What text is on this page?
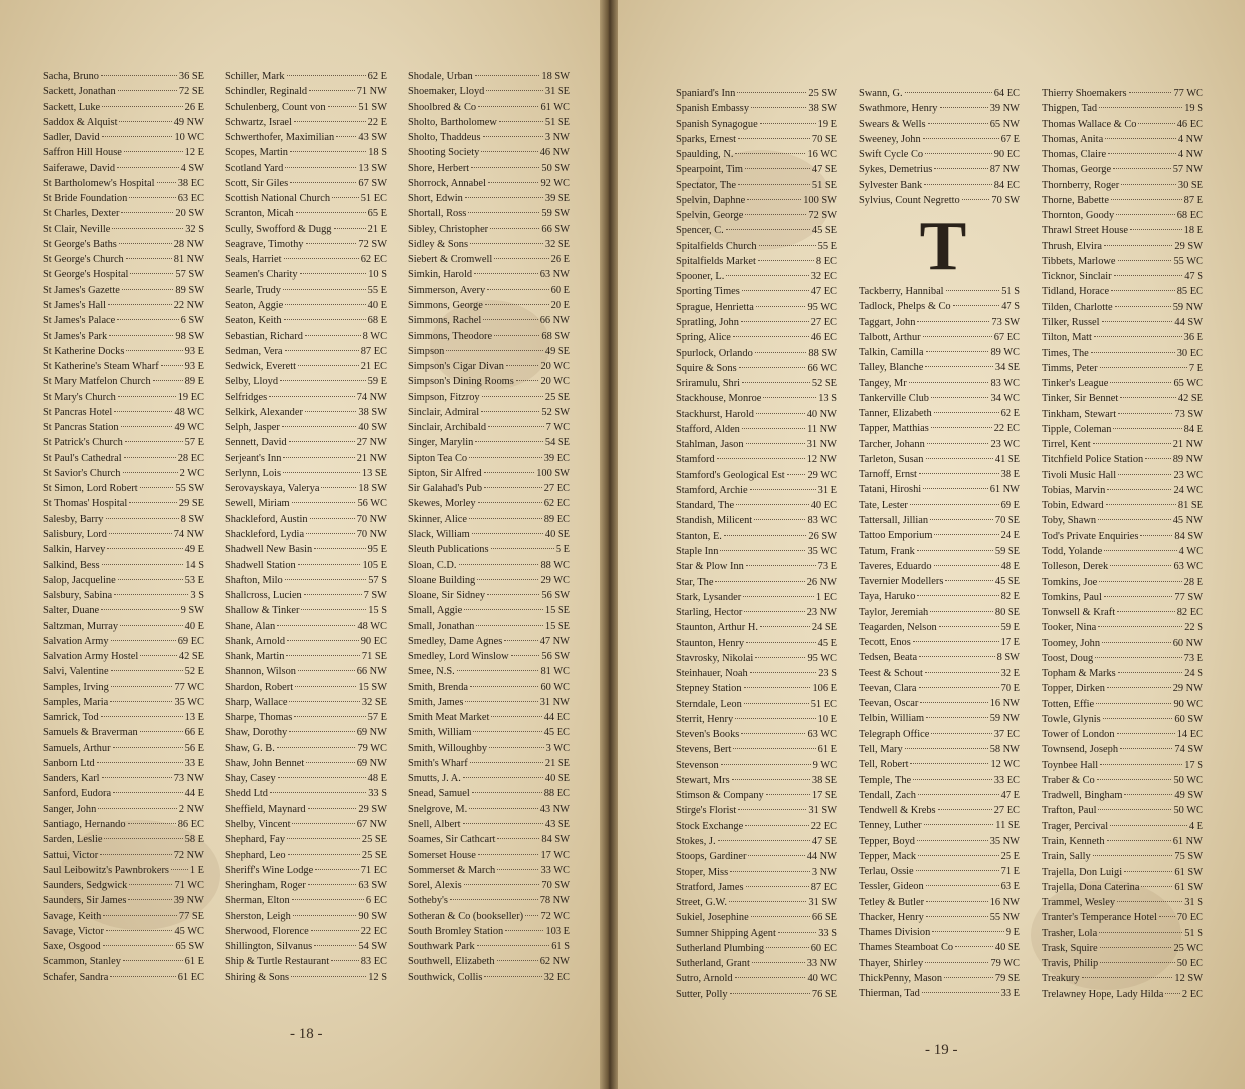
Sacha, Bruno	36 SE
Sackett, Jonathan	72 SE
Sackett, Luke	26 E
Saddox & Alquist	49 NW
Sadler, David	10 WC
Saffron Hill House	12 E
Saiferawe, David	4 SW
St Bartholomew's Hospital 38 EC
St Bride Foundation	63 EC
St Charles, Dexter	20 SW
St Clair, Neville	32 S
St George's Baths	28 NW
St George's Church	81 NW
St George's Hospital	57 SW
St James's Gazette	89 SW
St James's Hall	22 NW
St James's Palace	6 SW
St James's Park	98 SW
St Katherine Docks	93 E
St Katherine's Steam Wharf 93 E
St Mary Matfelon Church	89 E
St Mary's Church	19 EC
St Pancras Hotel	48 WC
St Pancras Station	49 WC
St Patrick's Church	57 E
St Paul's Cathedral	28 EC
St Savior's Church	2 WC
St Simon, Lord Robert	55 SW
St Thomas' Hospital	29 SE
Salesby, Barry	8 SW
Salisbury, Lord	74 NW
Salkin, Harvey	49 E
Salkind, Bess	14 S
Salop, Jacqueline	53 E
Salsbury, Sabina	3 S
Salter, Duane	9 SW
Saltzman, Murray	40 E
Salvation Army	69 EC
Salvation Army Hostel	42 SE
Salvi, Valentine	52 E
Samples, Irving	77 WC
Samples, Maria	35 WC
Samrick, Tod	13 E
Samuels & Braverman	66 E
Samuels, Arthur	56 E
Sanborn Ltd	33 E
Sanders, Karl	73 NW
Sanford, Eudora	44 E
Sanger, John	2 NW
Santiago, Hernando	86 EC
Sarden, Leslie	58 E
Sattui, Victor	72 NW
Saul Leibowitz's Pawnbrokers 1 E
Saunders, Sedgwick	71 WC
Saunders, Sir James	39 NW
Savage, Keith	77 SE
Savage, Victor	45 WC
Saxe, Osgood	65 SW
Scammon, Stanley	61 E
Schafer, Sandra	61 EC
Schiller, Mark	62 E
Schindler, Reginald	71 NW
Schulenberg, Count von	51 SW
Schwartz, Israel	22 E
Schwerthofer, Maximilian 43 SW
Scopes, Martin	18 S
Scotland Yard	13 SW
Scott, Sir Giles	67 SW
Scottish National Church	51 EC
Scranton, Micah	65 E
Scully, Swofford & Dugg	21 E
Seagrave, Timothy	72 SW
Seals, Harriet	62 EC
Seamen's Charity	10 S
Searle, Trudy	55 E
Seaton, Aggie	40 E
Seaton, Keith	68 E
Sebastian, Richard	8 WC
Sedman, Vera	87 EC
Sedwick, Everett	21 EC
Selby, Lloyd	59 E
Selfridges	74 NW
Selkirk, Alexander	38 SW
Selph, Jasper	40 SW
Sennett, David	27 NW
Serjeant's Inn	21 NW
Serlynn, Lois	13 SE
Serovayskaya, Valerya	18 SW
Sewell, Miriam	56 WC
Shackleford, Austin	70 NW
Shackleford, Lydia	70 NW
Shadwell New Basin	95 E
Shadwell Station	105 E
Shafton, Milo	57 S
Shallcross, Lucien	7 SW
Shallow & Tinker	15 S
Shane, Alan	48 WC
Shank, Arnold	90 EC
Shank, Martin	71 SE
Shannon, Wilson	66 NW
Shardon, Robert	15 SW
Sharp, Wallace	32 SE
Sharpe, Thomas	57 E
Shaw, Dorothy	69 NW
Shaw, G. B.	79 WC
Shaw, John Bennet	69 NW
Shay, Casey	48 E
Shedd Ltd	33 S
Sheffield, Maynard	29 SW
Shelby, Vincent	67 NW
Shephard, Fay	25 SE
Shephard, Leo	25 SE
Sheriff's Wine Lodge	71 EC
Sheringham, Roger	63 SW
Sherman, Elton	6 EC
Sherston, Leigh	90 SW
Sherwood, Florence	22 EC
Shillington, Silvanus	54 SW
Ship & Turtle Restaurant	83 EC
Shiring & Sons	12 S
Shodale, Urban	18 SW
Shoemaker, Lloyd	31 SE
Shoolbred & Co	61 WC
Sholto, Bartholomew	51 SE
Sholto, Thaddeus	3 NW
Shooting Society	46 NW
Shore, Herbert	50 SW
Shorrock, Annabel	92 WC
Short, Edwin	39 SE
Shortall, Ross	59 SW
Sibley, Christopher	66 SW
Sidley & Sons	32 SE
Siebert & Cromwell	26 E
Simkin, Harold	63 NW
Simmerson, Avery	60 E
Simmons, George	20 E
Simmons, Rachel	66 NW
Simmons, Theodore	68 SW
Simpson	49 SE
Simpson's Cigar Divan	20 WC
Simpson's Dining Rooms	20 WC
Simpson, Fitzroy	25 SE
Sinclair, Admiral	52 SW
Sinclair, Archibald	7 WC
Singer, Marylin	54 SE
Sipton Tea Co	39 EC
Sipton, Sir Alfred	100 SW
Sir Galahad's Pub	27 EC
Skewes, Morley	62 EC
Skinner, Alice	89 EC
Slack, William	40 SE
Sleuth Publications	5 E
Sloan, C.D.	88 WC
Sloane Building	29 WC
Sloane, Sir Sidney	56 SW
Small, Aggie	15 SE
Small, Jonathan	15 SE
Smedley, Dame Agnes	47 NW
Smedley, Lord Winslow	56 SW
Smee, N.S.	81 WC
Smith, Brenda	60 WC
Smith, James	31 NW
Smith Meat Market	44 EC
Smith, William	45 EC
Smith, Willoughby	3 WC
Smith's Wharf	21 SE
Smutts, J. A.	40 SE
Snead, Samuel	88 EC
Snelgrove, M.	43 NW
Snell, Albert	43 SE
Soames, Sir Cathcart	84 SW
Somerset House	17 WC
Sommerset & March	33 WC
Sorel, Alexis	70 SW
Sotheby's	78 NW
Sotheran & Co (bookseller) 72 WC
South Bromley Station	103 E
Southwark Park	61 S
Southwell, Elizabeth	62 NW
Southwick, Collis	32 EC
Spaniard's Inn	25 SW
Spanish Embassy	38 SW
Spanish Synagogue	19 E
Sparks, Ernest	70 SE
Spaulding, N.	16 WC
Spearpoint, Tim	47 SE
Spectator, The	51 SE
Spelvin, Daphne	100 SW
Spelvin, George	72 SW
Spencer, C.	45 SE
Spitalfields Church	55 E
Spitalfields Market	8 EC
Spooner, L.	32 EC
Sporting Times	47 EC
Sprague, Henrietta	95 WC
Spratling, John	27 EC
Spring, Alice	46 EC
Spurlock, Orlando	88 SW
Squire & Sons	66 WC
Sriramulu, Shri	52 SE
Stackhouse, Monroe	13 S
Stackhurst, Harold	40 NW
Stafford, Alden	11 NW
Stahlman, Jason	31 NW
Stamford	12 NW
Stamford's Geological Est 29 WC
Stamford, Archie	31 E
Standard, The	40 EC
Standish, Milicent	83 WC
Stanton, E.	26 SW
Staple Inn	35 WC
Star & Plow Inn	73 E
Star, The	26 NW
Stark, Lysander	1 EC
Starling, Hector	23 NW
Staunton, Arthur H.	24 SE
Staunton, Henry	45 E
Stavrosky, Nikolai	95 WC
Steinhauer, Noah	23 S
Stepney Station	106 E
Sterndale, Leon	51 EC
Sterrit, Henry	10 E
Steven's Books	63 WC
Stevens, Bert	61 E
Stevenson	9 WC
Stewart, Mrs	38 SE
Stimson & Company	17 SE
Stirge's Florist	31 SW
Stock Exchange	22 EC
Stokes, J.	47 SE
Stoops, Gardiner	44 NW
Stoper, Miss	3 NW
Stratford, James	87 EC
Street, G.W.	31 SW
Sukiel, Josephine	66 SE
Sumner Shipping Agent	33 S
Sutherland Plumbing	60 EC
Sutherland, Grant	33 NW
Sutro, Arnold	40 WC
Sutter, Polly	76 SE
Swann, G.	64 EC
Swathmore, Henry	39 NW
Swears & Wells	65 NW
Sweeney, John	67 E
Swift Cycle Co	90 EC
Sykes, Demetrius	87 NW
Sylvester Bank	84 EC
Sylvius, Count Negretto	70 SW
T
Tackberry, Hannibal	51 S
Tadlock, Phelps & Co	47 S
Taggart, John	73 SW
Talbott, Arthur	67 EC
Talkin, Camilla	89 WC
Talley, Blanche	34 SE
Tangey, Mr	83 WC
Tankerville Club	34 WC
Tanner, Elizabeth	62 E
Tapper, Matthias	22 EC
Tarcher, Johann	23 WC
Tarleton, Susan	41 SE
Tarnoff, Ernst	38 E
Tatani, Hiroshi	61 NW
Tate, Lester	69 E
Tattersall, Jillian	70 SE
Tattoo Emporium	24 E
Tatum, Frank	59 SE
Taveres, Eduardo	48 E
Tavernier Modellers	45 SE
Taya, Haruko	82 E
Taylor, Jeremiah	80 SE
Teagarden, Nelson	59 E
Tecott, Enos	17 E
Tedsen, Beata	8 SW
Teest & Schout	32 E
Teevan, Clara	70 E
Teevan, Oscar	16 NW
Telbin, William	59 NW
Telegraph Office	37 EC
Tell, Mary	58 NW
Tell, Robert	12 WC
Temple, The	33 EC
Tendall, Zach	47 E
Tendwell & Krebs	27 EC
Tenney, Luther	11 SE
Tepper, Boyd	35 NW
Tepper, Mack	25 E
Terlau, Ossie	71 E
Tessler, Gideon	63 E
Tetley & Butler	16 NW
Thacker, Henry	55 NW
Thames Division	9 E
Thames Steamboat Co	40 SE
Thayer, Shirley	79 WC
ThickPenny, Mason	79 SE
Thierman, Tad	33 E
Thierry Shoemakers	77 WC
Thigpen, Tad	19 S
Thomas Wallace & Co	46 EC
Thomas, Anita	4 NW
Thomas, Claire	4 NW
Thomas, George	57 NW
Thornberry, Roger	30 SE
Thorne, Babette	87 E
Thornton, Goody	68 EC
Thrawl Street House	18 E
Thrush, Elvira	29 SW
Tibbets, Marlowe	55 WC
Ticknor, Sinclair	47 S
Tidland, Horace	85 EC
Tilden, Charlotte	59 NW
Tilker, Russel	44 SW
Tilton, Matt	36 E
Times, The	30 EC
Timms, Peter	7 E
Tinker's League	65 WC
Tinker, Sir Bennet	42 SE
Tinkham, Stewart	73 SW
Tipple, Coleman	84 E
Tirrel, Kent	21 NW
Titchfield Police Station	89 NW
Tivoli Music Hall	23 WC
Tobias, Marvin	24 WC
Tobin, Edward	81 SE
Toby, Shawn	45 NW
Tod's Private Enquiries	84 SW
Todd, Yolande	4 WC
Tolleson, Derek	63 WC
Tomkins, Joe	28 E
Tomkins, Paul	77 SW
Tonwsell & Kraft	82 EC
Tooker, Nina	22 S
Toomey, John	60 NW
Toost, Doug	73 E
Topham & Marks	24 S
Topper, Dirken	29 NW
Totten, Effie	90 WC
Towle, Glynis	60 SW
Tower of London	14 EC
Townsend, Joseph	74 SW
Toynbee Hall	17 S
Traber & Co	50 WC
Tradwell, Bingham	49 SW
Trafton, Paul	50 WC
Trager, Percival	4 E
Train, Kenneth	61 NW
Train, Sally	75 SW
Trajella, Don Luigi	61 SW
Trajella, Dona Caterina	61 SW
Trammel, Wesley	31 S
Tranter's Temperance Hotel 70 EC
Trasher, Lola	51 S
Trask, Squire	25 WC
Travis, Philip	50 EC
Treakury	12 SW
Trelawney Hope, Lady Hilda 2 EC
- 18 -
- 19 -
